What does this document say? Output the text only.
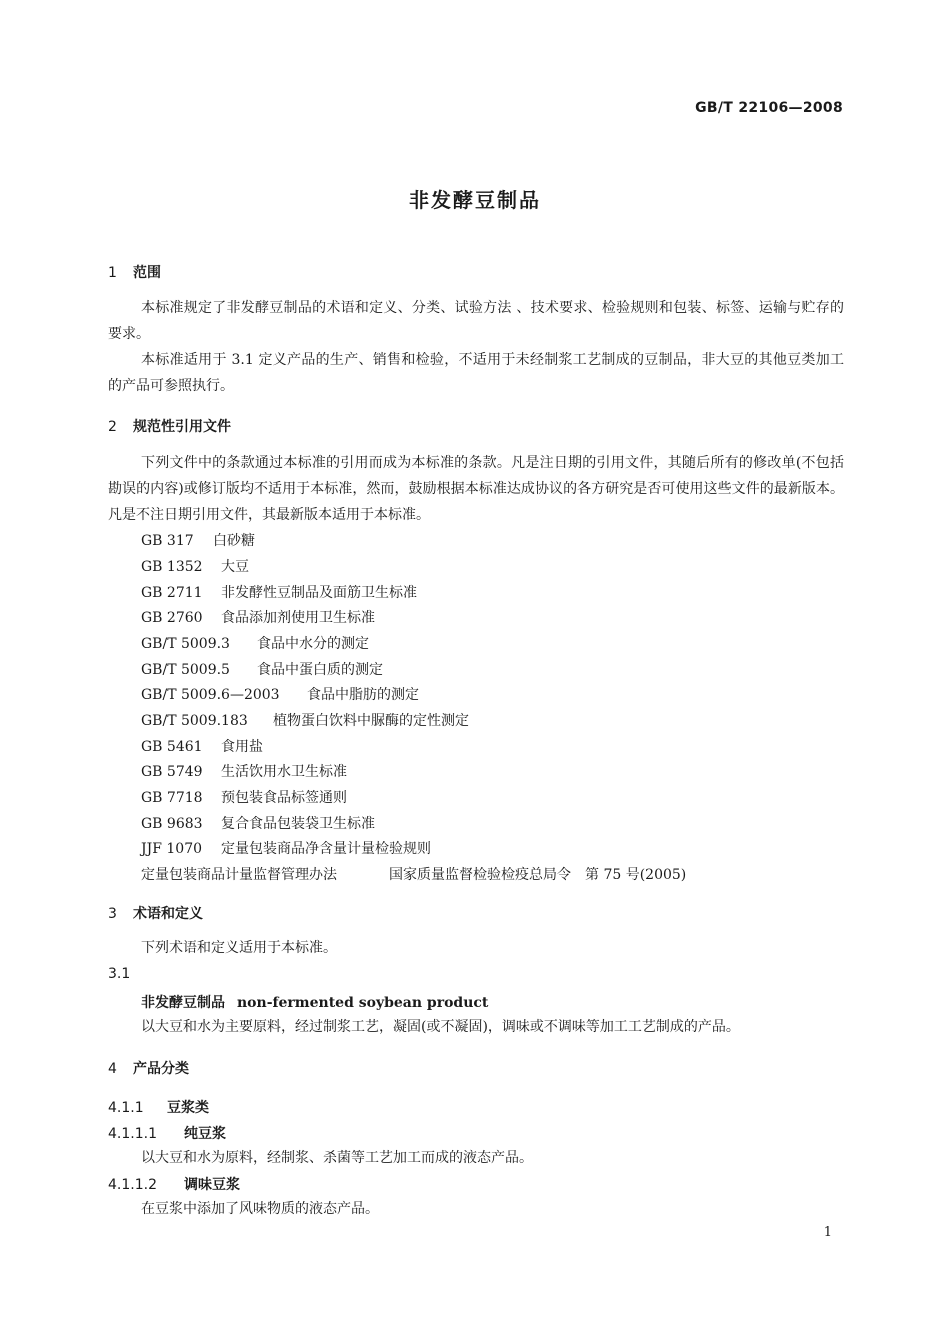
GB/T 22106—2008
非发酵豆制品
1 范围
本标准规定了非发酵豆制品的术语和定义、分类、试验方法 、技术要求、检验规则和包装、标签、运输与贮存的要求。
本标准适用于 3.1 定义产品的生产、销售和检验，不适用于未经制浆工艺制成的豆制品，非大豆的其他豆类加工的产品可参照执行。
2 规范性引用文件
下列文件中的条款通过本标准的引用而成为本标准的条款。凡是注日期的引用文件，其随后所有的修改单(不包括勘误的内容)或修订版均不适用于本标准，然而，鼓励根据本标准达成协议的各方研究是否可使用这些文件的最新版本。凡是不注日期引用文件，其最新版本适用于本标准。
GB 317 白砂糖
GB 1352 大豆
GB 2711 非发酵性豆制品及面筋卫生标准
GB 2760 食品添加剂使用卫生标准
GB/T 5009.3 食品中水分的测定
GB/T 5009.5 食品中蛋白质的测定
GB/T 5009.6—2003 食品中脂肪的测定
GB/T 5009.183 植物蛋白饮料中脲酶的定性测定
GB 5461 食用盐
GB 5749 生活饮用水卫生标准
GB 7718 预包装食品标签通则
GB 9683 复合食品包装袋卫生标准
JJF 1070 定量包装商品净含量计量检验规则
定量包装商品计量监督管理办法	国家质量监督检验检疫总局令　第 75 号(2005)
3 术语和定义
下列术语和定义适用于本标准。
3.1
非发酵豆制品 non-fermented soybean product
以大豆和水为主要原料，经过制浆工艺，凝固(或不凝固)，调味或不调味等加工工艺制成的产品。
4 产品分类
4.1.1 豆浆类
4.1.1.1 纯豆浆
以大豆和水为原料，经制浆、杀菌等工艺加工而成的液态产品。
4.1.1.2 调味豆浆
在豆浆中添加了风味物质的液态产品。
1
